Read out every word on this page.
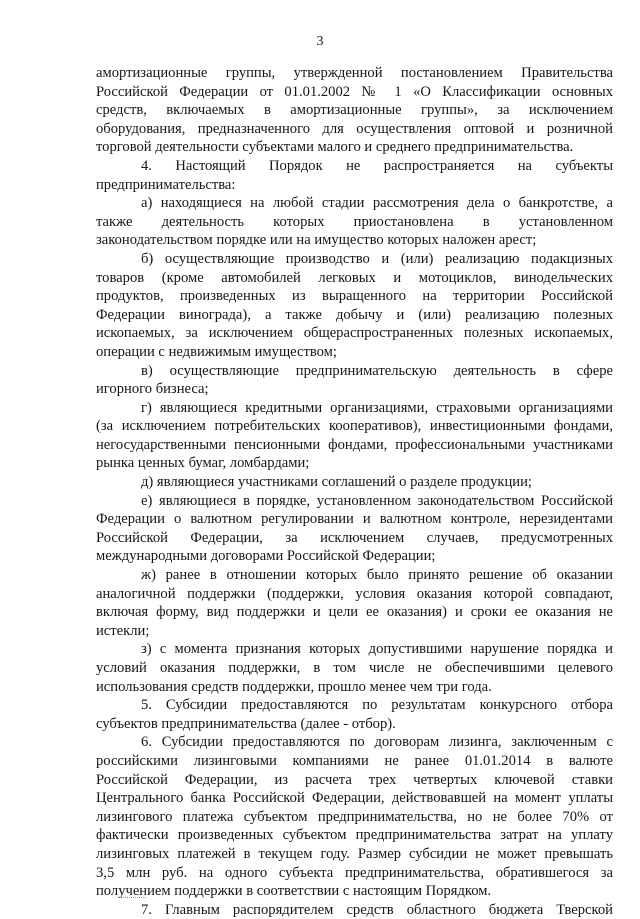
3
амортизационные группы, утвержденной постановлением Правительства
Российской Федерации от 01.01.2002 № 1 «О Классификации основных
средств, включаемых в амортизационные группы», за исключением
оборудования, предназначенного для осуществления оптовой и розничной
торговой деятельности субъектами малого и среднего предпринимательства.
4. Настоящий Порядок не распространяется на субъекты
предпринимательства:
а) находящиеся на любой стадии рассмотрения дела о банкротстве, а
также деятельность которых приостановлена в установленном
законодательством порядке или на имущество которых наложен арест;
б) осуществляющие производство и (или) реализацию подакцизных
товаров (кроме автомобилей легковых и мотоциклов, винодельческих
продуктов, произведенных из выращенного на территории Российской
Федерации винограда), а также добычу и (или) реализацию полезных
ископаемых, за исключением общераспространенных полезных ископаемых,
операции с недвижимым имуществом;
в) осуществляющие предпринимательскую деятельность в сфере
игорного бизнеса;
г) являющиеся кредитными организациями, страховыми организациями
(за исключением потребительских кооперативов), инвестиционными фондами,
негосударственными пенсионными фондами, профессиональными участниками
рынка ценных бумаг, ломбардами;
д) являющиеся участниками соглашений о разделе продукции;
е) являющиеся в порядке, установленном законодательством Российской
Федерации о валютном регулировании и валютном контроле, нерезидентами
Российской Федерации, за исключением случаев, предусмотренных
международными договорами Российской Федерации;
ж) ранее в отношении которых было принято решение об оказании
аналогичной поддержки (поддержки, условия оказания которой совпадают,
включая форму, вид поддержки и цели ее оказания) и сроки ее оказания не
истекли;
з) с момента признания которых допустившими нарушение порядка и
условий оказания поддержки, в том числе не обеспечившими целевого
использования средств поддержки, прошло менее чем три года.
5. Субсидии предоставляются по результатам конкурсного отбора
субъектов предпринимательства (далее - отбор).
6. Субсидии предоставляются по договорам лизинга, заключенным с
российскими лизинговыми компаниями не ранее 01.01.2014 в валюте
Российской Федерации, из расчета трех четвертых ключевой ставки
Центрального банка Российской Федерации, действовавшей на момент уплаты
лизингового платежа субъектом предпринимательства, но не более 70% от
фактически произведенных субъектом предпринимательства затрат на уплату
лизинговых платежей в текущем году. Размер субсидии не может превышать
3,5 млн руб. на одного субъекта предпринимательства, обратившегося за
получением поддержки в соответствии с настоящим Порядком.
7. Главным распорядителем средств областного бюджета Тверской
